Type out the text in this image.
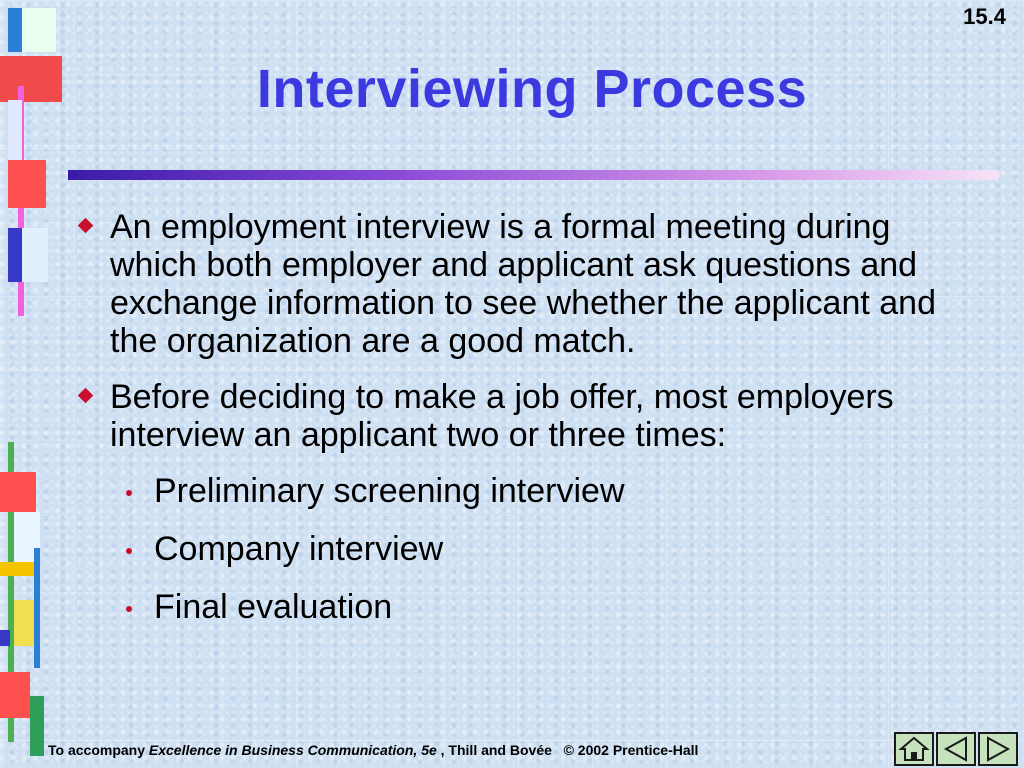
15.4
Interviewing Process
An employment interview is a formal meeting during which both employer and applicant ask questions and exchange information to see whether the applicant and the organization are a good match.
Before deciding to make a job offer, most employers interview an applicant two or three times:
Preliminary screening interview
Company interview
Final evaluation
To accompany Excellence in Business Communication, 5e , Thill and Bovée © 2002 Prentice-Hall
